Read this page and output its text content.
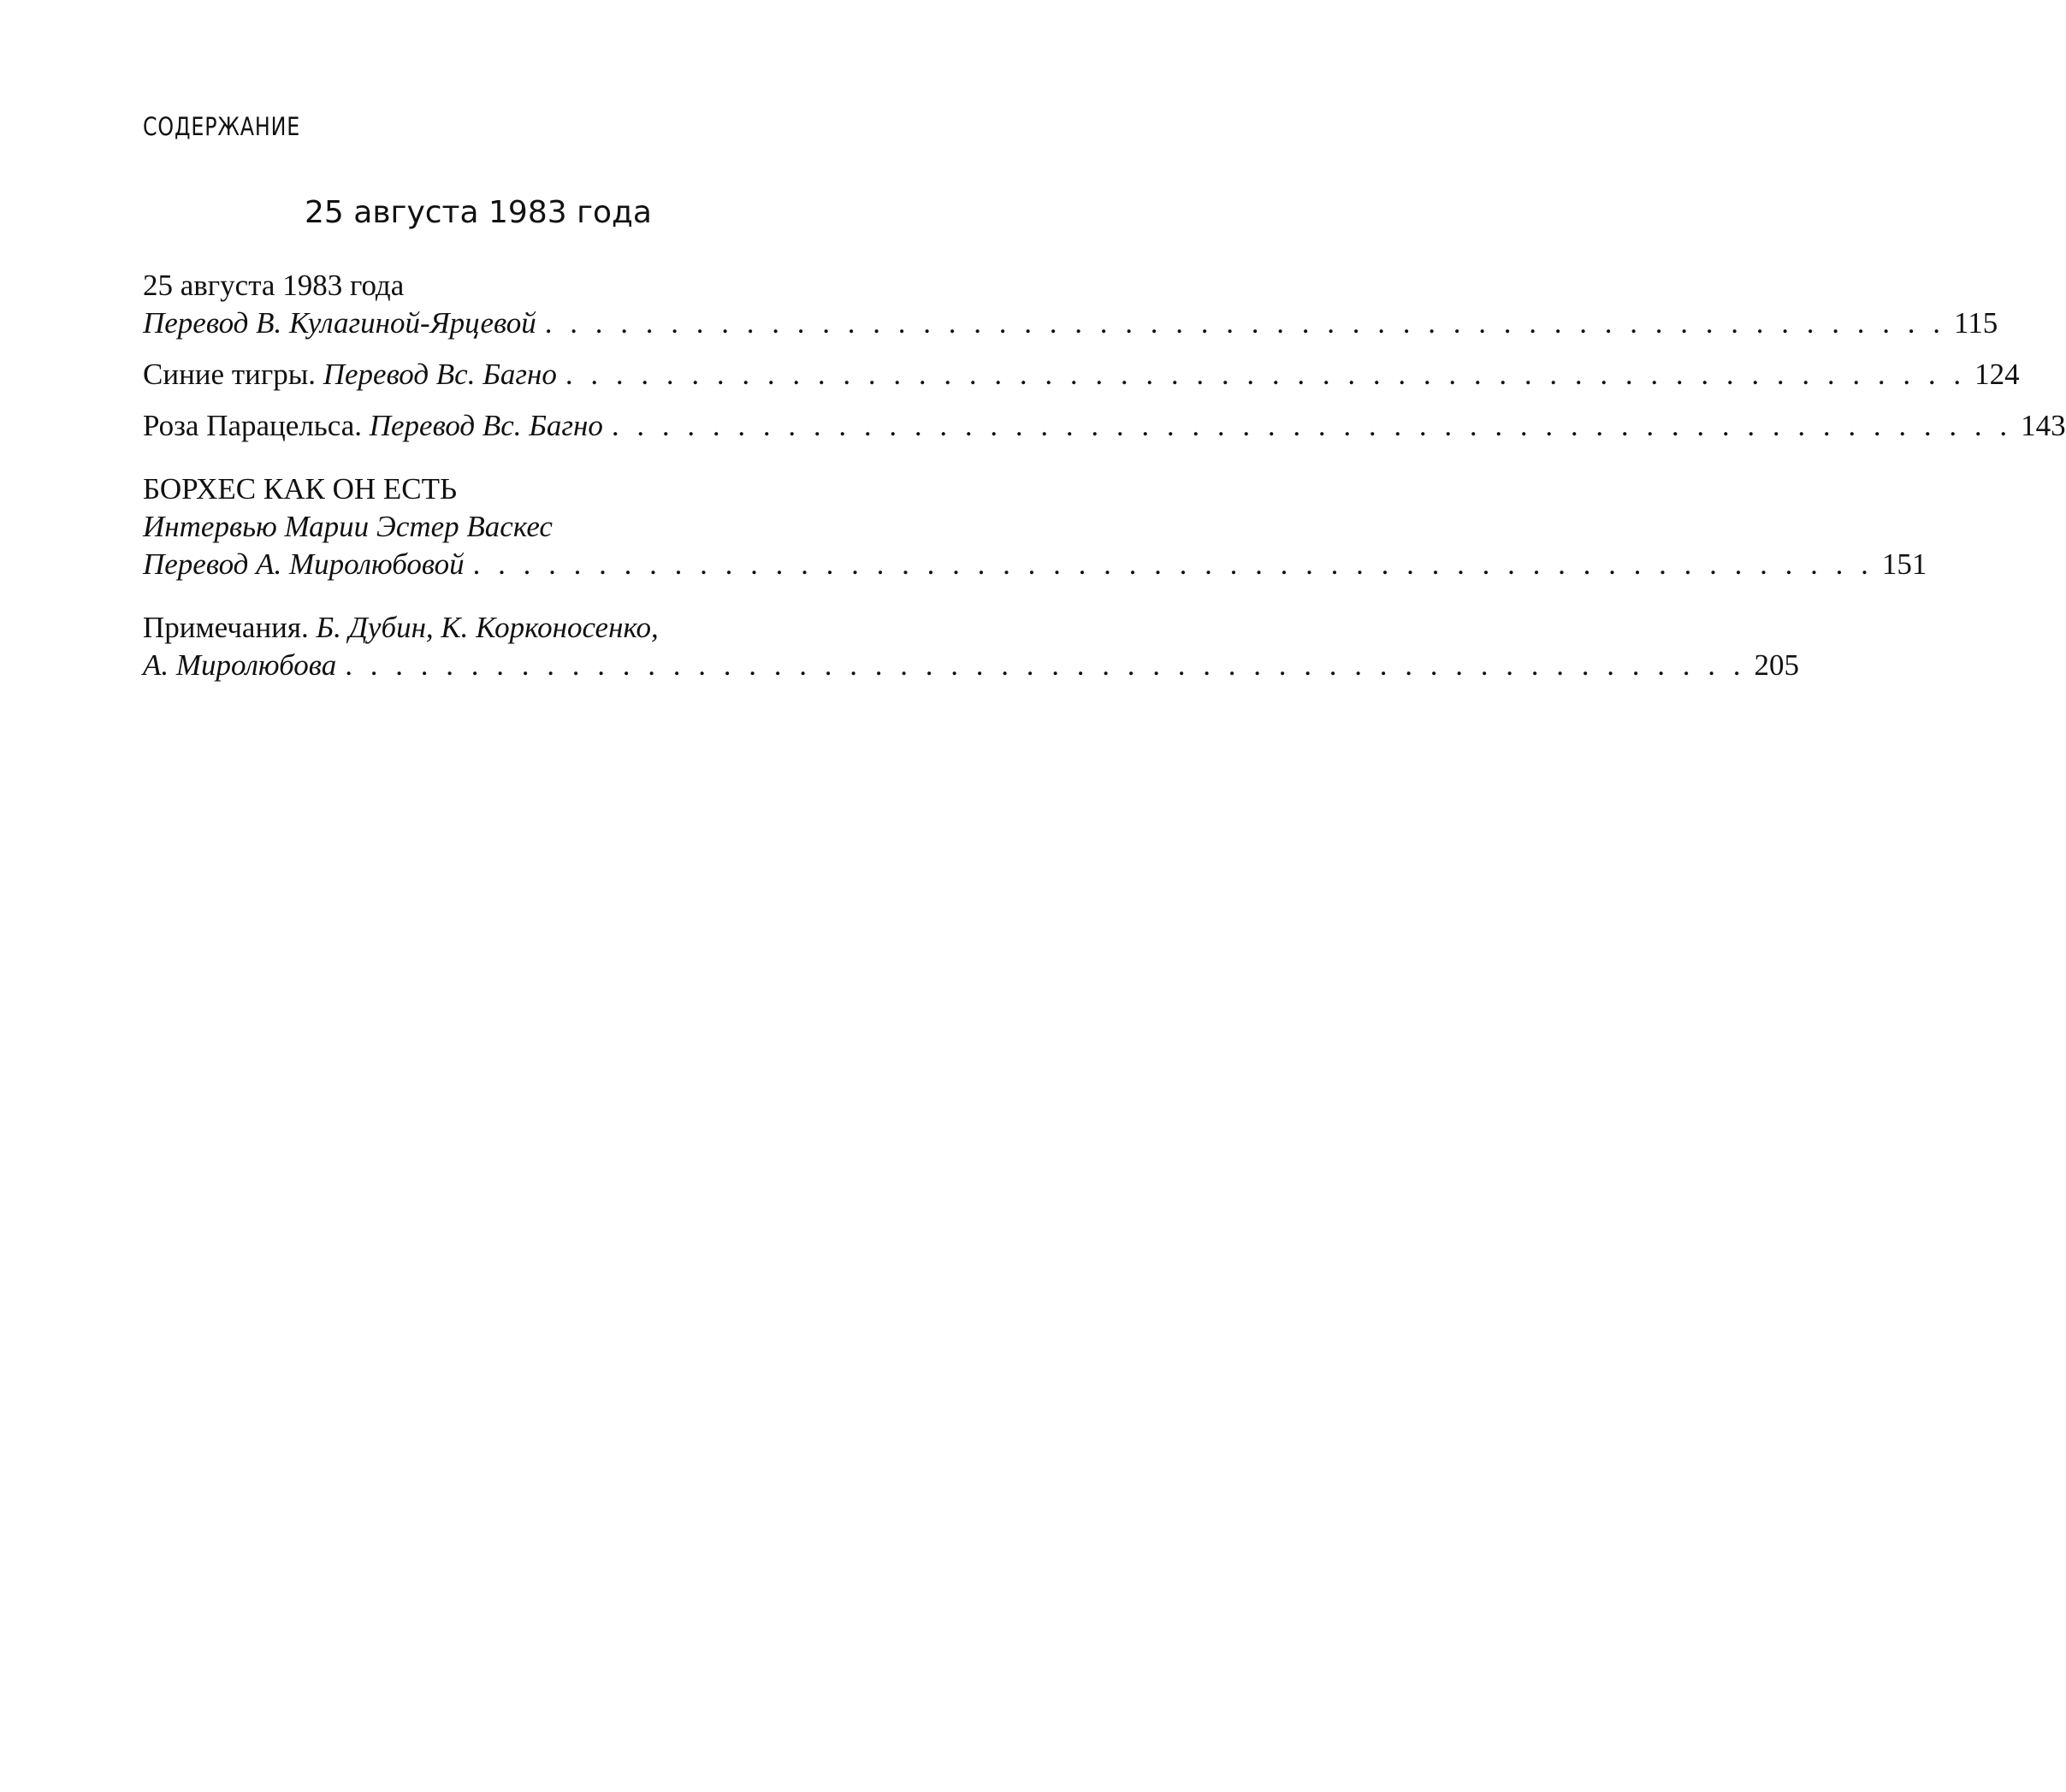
СОДЕРЖАНИЕ
25 августа 1983 года
25 августа 1983 года
Перевод В. Кулагиной-Ярцевой . . . . . . . . . . . . . . . . . . . . . . . . . . . . . . . . . . . . . . . . . . . . . . . . . . . . . . . . 115
Синие тигры.
Перевод Вс. Багно . . . . . . . . . . . . . . . . . . . . . . . . . . . . . . . . . . . . . . . . . . . . . . . . . . . . . . . . 124
Роза Парацельса.
Перевод Вс. Багно . . . . . . . . . . . . . . . . . . . . . . . . . . . . . . . . . . . . . . . . . . . . . . . . . . . . . . . . 143
БОРХЕС КАК ОН ЕСТЬ
Интервью Марии Эстер Васкес
Перевод А. Миролюбовой . . . . . . . . . . . . . . . . . . . . . . . . . . . . . . . . . . . . . . . . . . . . . . . . . . . . . . . . 151
Примечания.
Б. Дубин, К. Корконосенко,
А. Миролюбова . . . . . . . . . . . . . . . . . . . . . . . . . . . . . . . . . . . . . . . . . . . . . . . . . . . . . . . . 205
